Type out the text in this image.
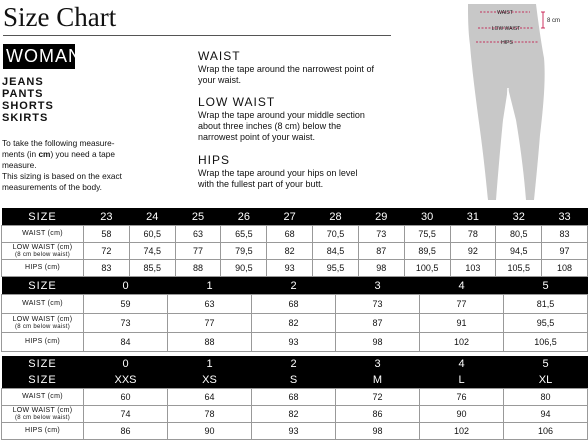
Size Chart
WOMAN
JEANS
PANTS
SHORTS
SKIRTS
To take the following measure-
ments (in cm) you need a tape
measure.
This sizing is based on the exact
measurements of the body.
WAIST
Wrap the tape around the narrowest point of
your waist.
LOW WAIST
Wrap the tape around your middle section
about three inches (8 cm) below the
narrowest point of your waist.
HIPS
Wrap the tape around your hips on level
with the fullest part of your butt.
WAIST
LOW WAIST
HIPS
8 cm
SIZE	23	24	25	26	27	28	29	30	31	32	33
WAIST (cm)	58	60,5	63	65,5	68	70,5	73	75,5	78	80,5	83
LOW WAIST (cm)
(8 cm below waist)	72	74,5	77	79,5	82	84,5	87	89,5	92	94,5	97
HIPS (cm)	83	85,5	88	90,5	93	95,5	98	100,5	103	105,5	108
SIZE	0	1	2	3	4	5
WAIST (cm)	59	63	68	73	77	81,5
LOW WAIST (cm)
(8 cm below waist)	73	77	82	87	91	95,5
HIPS (cm)	84	88	93	98	102	106,5
SIZE	0	1	2	3	4	5
SIZE	XXS	XS	S	M	L	XL
WAIST (cm)	60	64	68	72	76	80
LOW WAIST (cm)
(8 cm below waist)	74	78	82	86	90	94
HIPS (cm)	86	90	93	98	102	106
